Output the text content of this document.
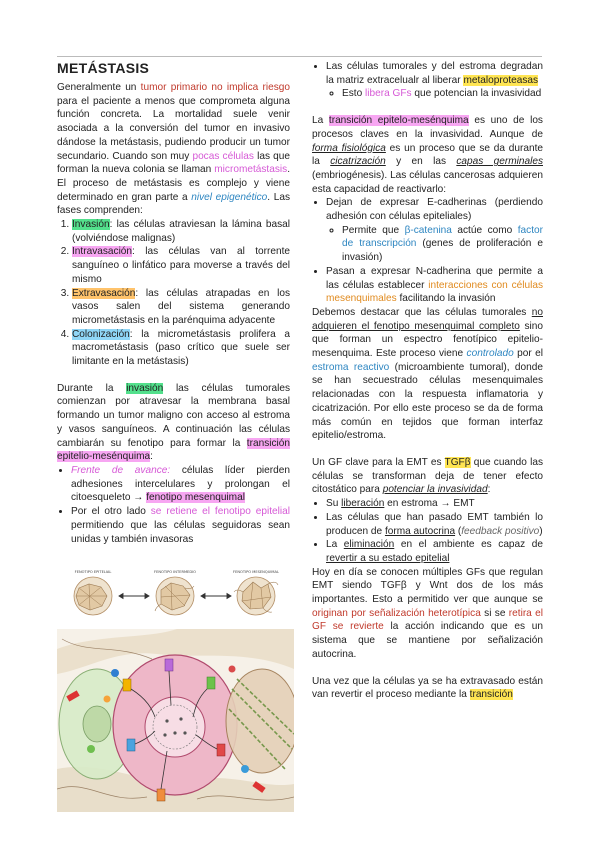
METÁSTASIS

Generalmente un tumor primario no implica riesgo para el paciente a menos que comprometa alguna función concreta. La mortalidad suele venir asociada a la conversión del tumor en invasivo dándose la metástasis, pudiendo producir un tumor secundario. Cuando son muy pocas células las que forman la nueva colonia se llaman micrometástasis. El proceso de metástasis es complejo y viene determinado en gran parte a nivel epigenético. Las fases comprenden:

1. Invasión: las células atraviesan la lámina basal (volviéndose malignas)
2. Intravasación: las células van al torrente sanguíneo o linfático para moverse a través del mismo
3. Extravasación: las células atrapadas en los vasos salen del sistema generando micrometástasis en la parénquima adyacente
4. Colonización: la micrometástasis prolifera a macrometástasis (paso crítico que suele ser limitante en la metástasis)

Durante la invasión las células tumorales comienzan por atravesar la membrana basal formando un tumor maligno con acceso al estroma y vasos sanguíneos. A continuación las células cambiarán su fenotipo para formar la transición epitelio-mesénquima:

• Frente de avance: células líder pierden adhesiones intercelulares y prolongan el citoesqueleto → fenotipo mesenquimal
• Por el otro lado se retiene el fenotipo epitelial permitiendo que las células seguidoras sean unidas y también invasoras
FENOTIPO EPITELIAL	FENOTIPO INTERMEDIO	FENOTIPO MESENQUIMAL
• Las células tumorales y del estroma degradan la matriz extracelualr al liberar metaloproteasas
◦ Esto libera GFs que potencian la invasividad

La transición epitelo-mesénquima es uno de los procesos claves en la invasividad. Aunque de forma fisiológica es un proceso que se da durante la cicatrización y en las capas germinales (embriogénesis). Las células cancerosas adquieren esta capacidad de reactivarlo:

• Dejan de expresar E-cadherinas (perdiendo adhesión con células epiteliales)
◦ Permite que β-catenina actúe como factor de transcripción (genes de proliferación e invasión)
• Pasan a expresar N-cadherina que permite a las células establecer interacciones con células mesenquimales facilitando la invasión

Debemos destacar que las células tumorales no adquieren el fenotipo mesenquimal completo sino que forman un espectro fenotípico epitelio-mesenquima. Este proceso viene controlado por el estroma reactivo (microambiente tumoral), donde se han secuestrado células mesenquimales relacionadas con la respuesta inflamatoria y cicatrización. Por ello este proceso se da de forma más común en tejidos que forman interfaz epitelio/estroma.

Un GF clave para la EMT es TGFβ que cuando las células se transforman deja de tener efecto citostático para potenciar la invasividad:

• Su liberación en estroma → EMT
• Las células que han pasado EMT también lo producen de forma autocrina (feedback positivo)
• La eliminación en el ambiente es capaz de revertir a su estado epitelial

Hoy en día se conocen múltiples GFs que regulan EMT siendo TGFβ y Wnt dos de los más importantes. Esto a permitido ver que aunque se originan por señalización heterotípica si se retira el GF se revierte la acción indicando que es un sistema que se mantiene por señalización autocrina.

Una vez que la células ya se ha extravasado están van revertir el proceso mediante la transición
